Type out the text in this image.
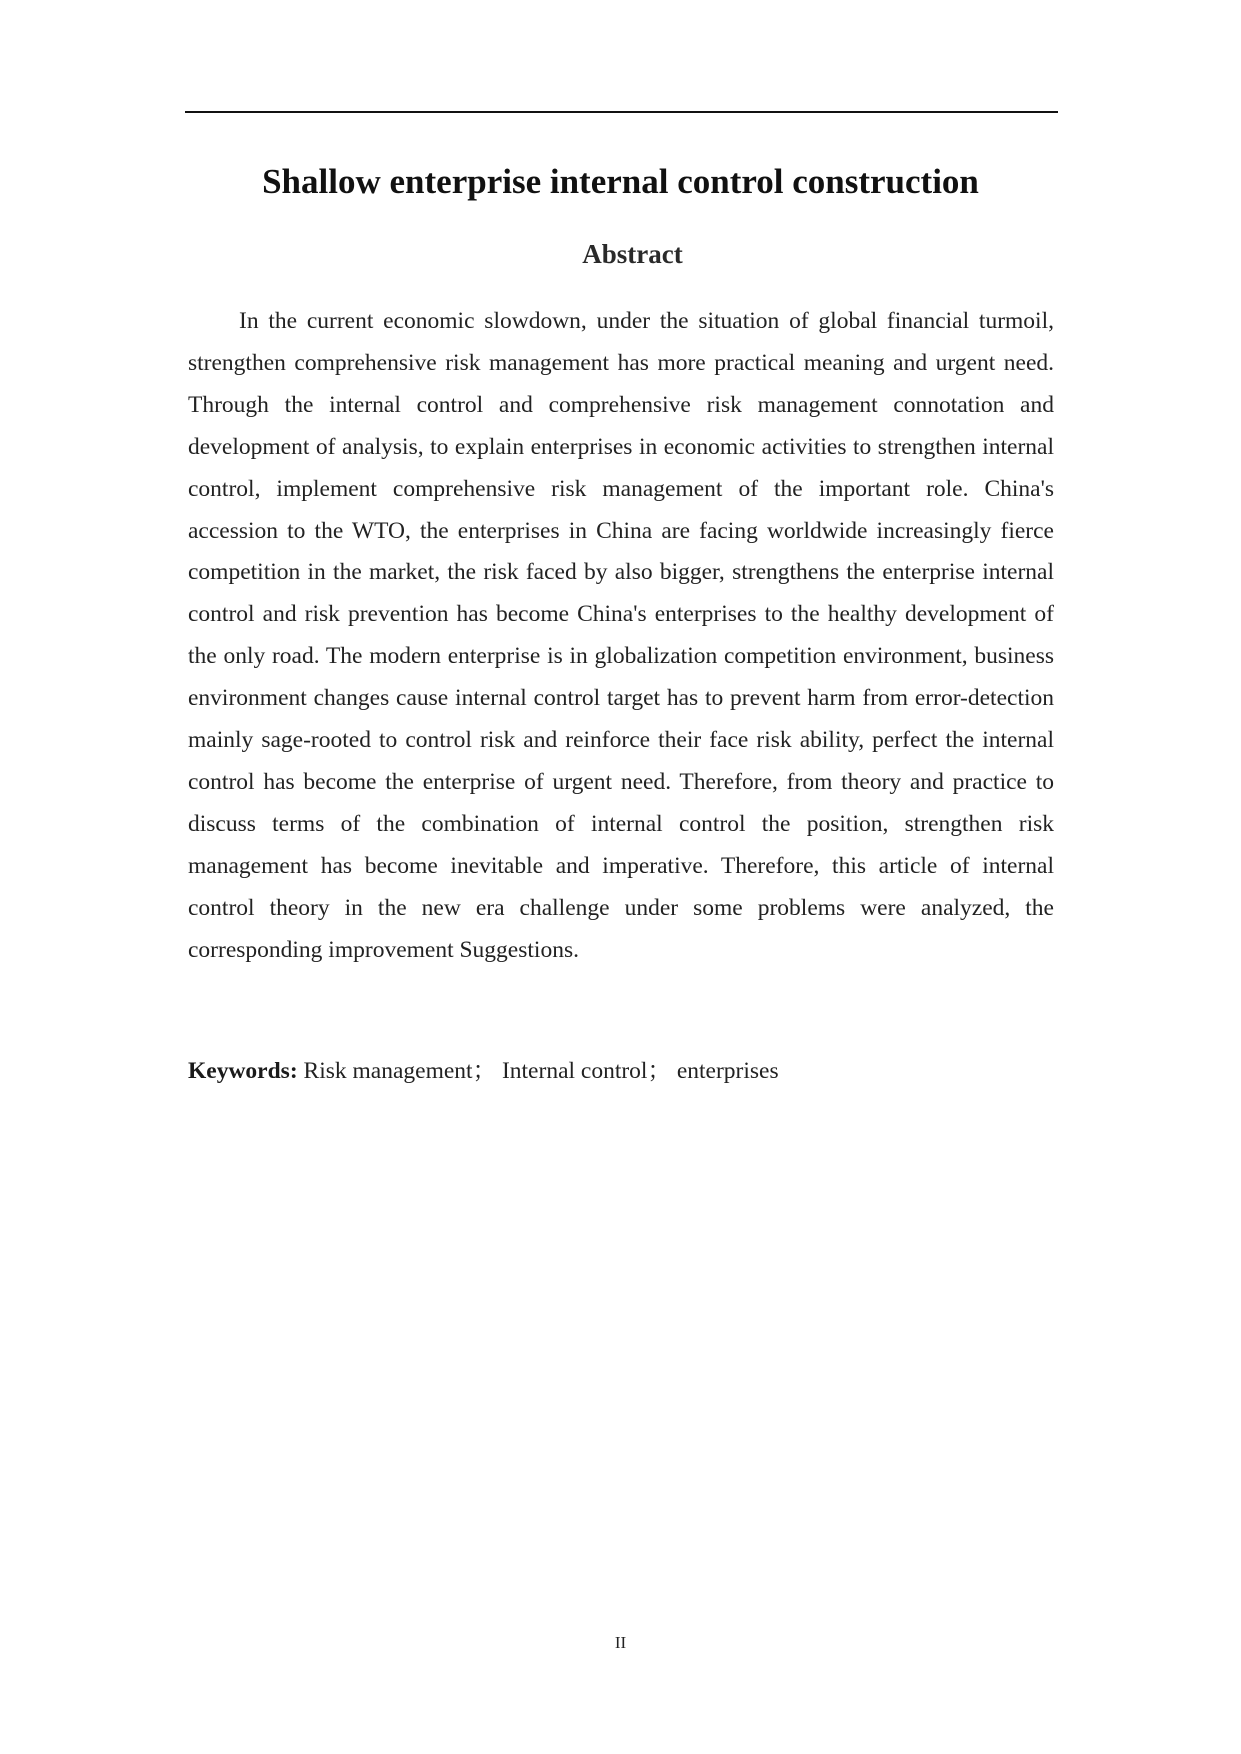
Shallow enterprise internal control construction
Abstract

In the current economic slowdown, under the situation of global financial turmoil, strengthen comprehensive risk management has more practical meaning and urgent need. Through the internal control and comprehensive risk management connotation and development of analysis, to explain enterprises in economic activities to strengthen internal control, implement comprehensive risk management of the important role. China's accession to the WTO, the enterprises in China are facing worldwide increasingly fierce competition in the market, the risk faced by also bigger, strengthens the enterprise internal control and risk prevention has become China's enterprises to the healthy development of the only road. The modern enterprise is in globalization competition environment, business environment changes cause internal control target has to prevent harm from error-detection mainly sage-rooted to control risk and reinforce their face risk ability, perfect the internal control has become the enterprise of urgent need. Therefore, from theory and practice to discuss terms of the combination of internal control the position, strengthen risk management has become inevitable and imperative. Therefore, this article of internal control theory in the new era challenge under some problems were analyzed, the corresponding improvement Suggestions.

Keywords: Risk management； Internal control； enterprises
II
